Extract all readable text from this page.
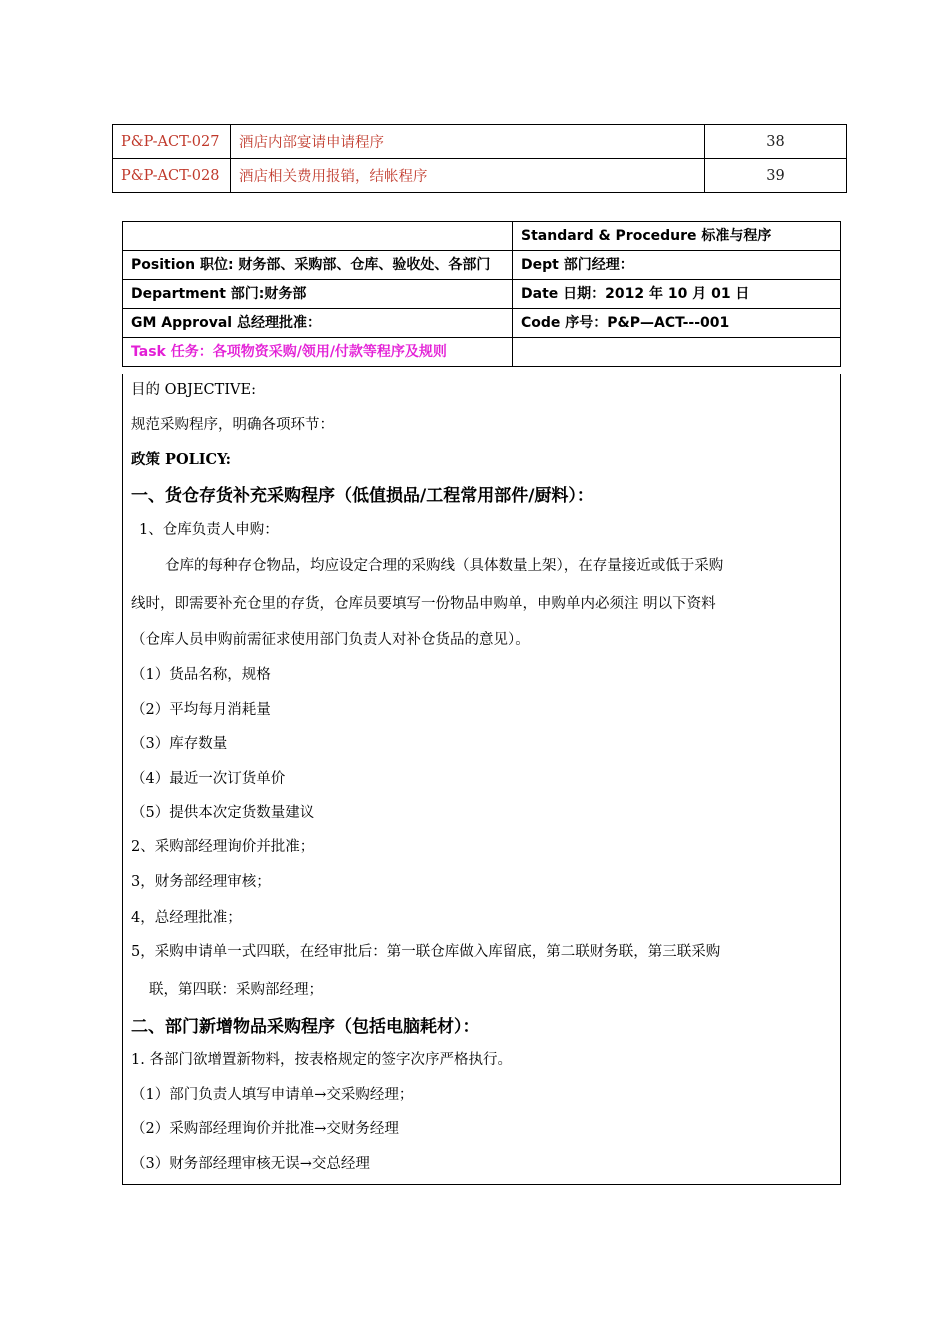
P&P-ACT-027	酒店内部宴请申请程序	38
P&P-ACT-028	酒店相关费用报销，结帐程序	39
	Standard & Procedure 标准与程序
Position 职位: 财务部、采购部、仓库、验收处、各部门	Dept 部门经理：
Department 部门:财务部	Date 日期：2012 年 10 月 01 日
GM Approval 总经理批准：	Code 序号：P&P—ACT---001
Task 任务：各项物资采购/领用/付款等程序及规则	
目的 OBJECTIVE:
规范采购程序，明确各项环节：
政策 POLICY:
一、货仓存货补充采购程序（低值损品/工程常用部件/厨料）：
1、仓库负责人申购：
仓库的每种存仓物品，均应设定合理的采购线（具体数量上架），在存量接近或低于采购
线时，即需要补充仓里的存货，仓库员要填写一份物品申购单，申购单内必须注 明以下资料
（仓库人员申购前需征求使用部门负责人对补仓货品的意见）。
（1）货品名称，规格
（2）平均每月消耗量
（3）库存数量
（4）最近一次订货单价
（5）提供本次定货数量建议
2、采购部经理询价并批准；
3，财务部经理审核；
4，总经理批准；
5，采购申请单一式四联，在经审批后：第一联仓库做入库留底，第二联财务联，第三联采购
联，第四联：采购部经理；
二、部门新增物品采购程序（包括电脑耗材）：
1. 各部门欲增置新物料，按表格规定的签字次序严格执行。
（1）部门负责人填写申请单→交采购经理；
（2）采购部经理询价并批准→交财务经理
（3）财务部经理审核无误→交总经理
